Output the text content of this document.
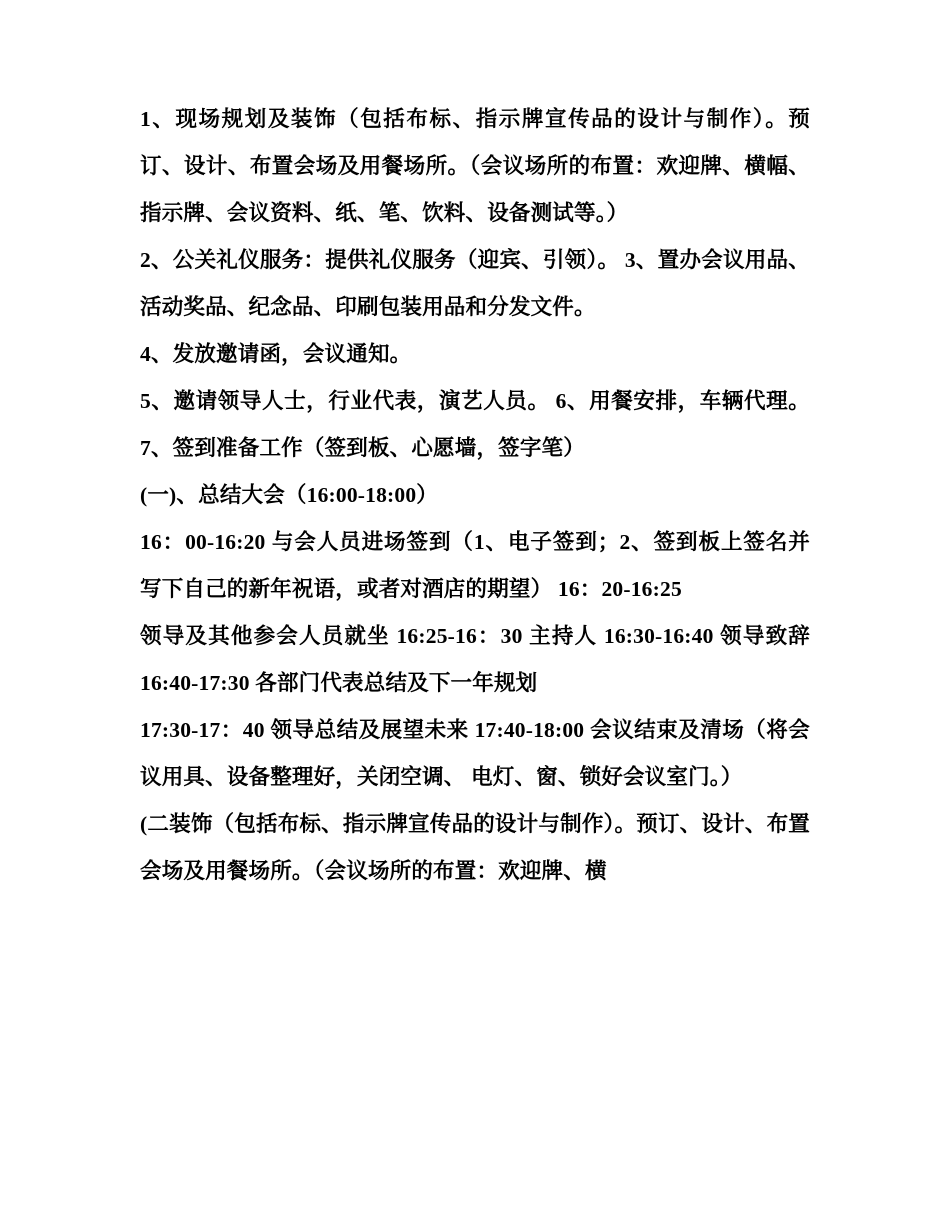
1、现场规划及装饰（包括布标、指示牌宣传品的设计与制作）。预订、设计、布置会场及用餐场所。（会议场所的布置：欢迎牌、横幅、指示牌、会议资料、纸、笔、饮料、设备测试等。）

2、公关礼仪服务：提供礼仪服务（迎宾、引领）。 3、置办会议用品、活动奖品、纪念品、印刷包装用品和分发文件。

4、发放邀请函，会议通知。

5、邀请领导人士，行业代表，演艺人员。 6、用餐安排，车辆代理。 7、签到准备工作（签到板、心愿墙，签字笔）

(一)、总结大会（16:00-18:00）

16：00-16:20 与会人员进场签到（1、电子签到；2、签到板上签名并写下自己的新年祝语，或者对酒店的期望） 16：20-16:25

领导及其他参会人员就坐 16:25-16：30 主持人 16:30-16:40 领导致辞 16:40-17:30 各部门代表总结及下一年规划

17:30-17：40 领导总结及展望未来 17:40-18:00 会议结束及清场（将会议用具、设备整理好，关闭空调、 电灯、窗、锁好会议室门。）

(二装饰（包括布标、指示牌宣传品的设计与制作）。预订、设计、布置会场及用餐场所。（会议场所的布置：欢迎牌、横
